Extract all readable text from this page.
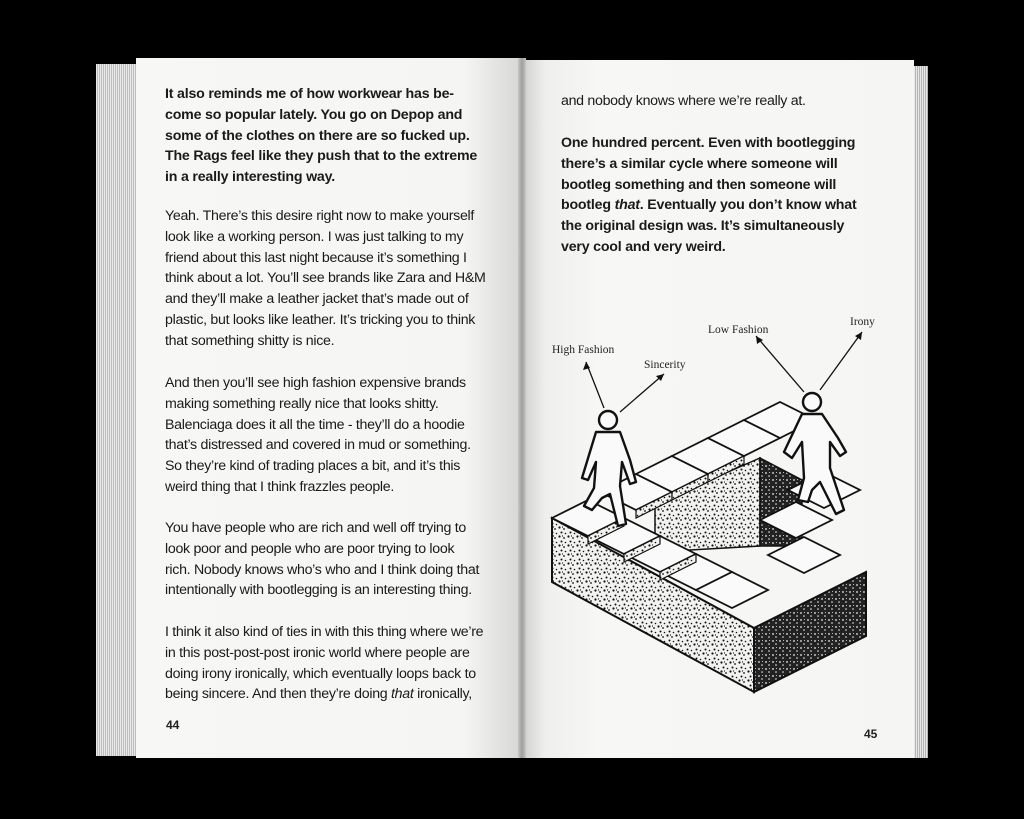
It also reminds me of how workwear has be-
come so popular lately. You go on Depop and
some of the clothes on there are so fucked up.
The Rags feel like they push that to the extreme
in a really interesting way.
Yeah. There’s this desire right now to make yourself
look like a working person. I was just talking to my
friend about this last night because it’s something I
think about a lot. You’ll see brands like Zara and H&M
and they’ll make a leather jacket that’s made out of
plastic, but looks like leather. It’s tricking you to think
that something shitty is nice.
And then you’ll see high fashion expensive brands
making something really nice that looks shitty.
Balenciaga does it all the time - they’ll do a hoodie
that’s distressed and covered in mud or something.
So they’re kind of trading places a bit, and it’s this
weird thing that I think frazzles people.
You have people who are rich and well off trying to
look poor and people who are poor trying to look
rich. Nobody knows who’s who and I think doing that
intentionally with bootlegging is an interesting thing.
I think it also kind of ties in with this thing where we’re
in this post-post-post ironic world where people are
doing irony ironically, which eventually loops back to
being sincere. And then they’re doing that ironically,
44
and nobody knows where we’re really at.
One hundred percent. Even with bootlegging
there’s a similar cycle where someone will
bootleg something and then someone will
bootleg that. Eventually you don’t know what
the original design was. It’s simultaneously
very cool and very weird.
High Fashion
Sincerity
Low Fashion
Irony
45
